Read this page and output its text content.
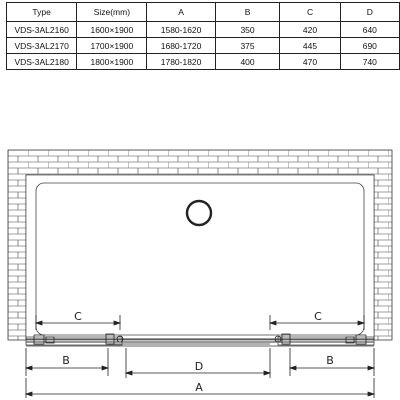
Type	Size(mm)	A	B	C	D
VDS-3AL2160	1600×1900	1580-1620	350	420	640
VDS-3AL2170	1700×1900	1680-1720	375	445	690
VDS-3AL2180	1800×1900	1780-1820	400	470	740
C	C
B	D	B
A
